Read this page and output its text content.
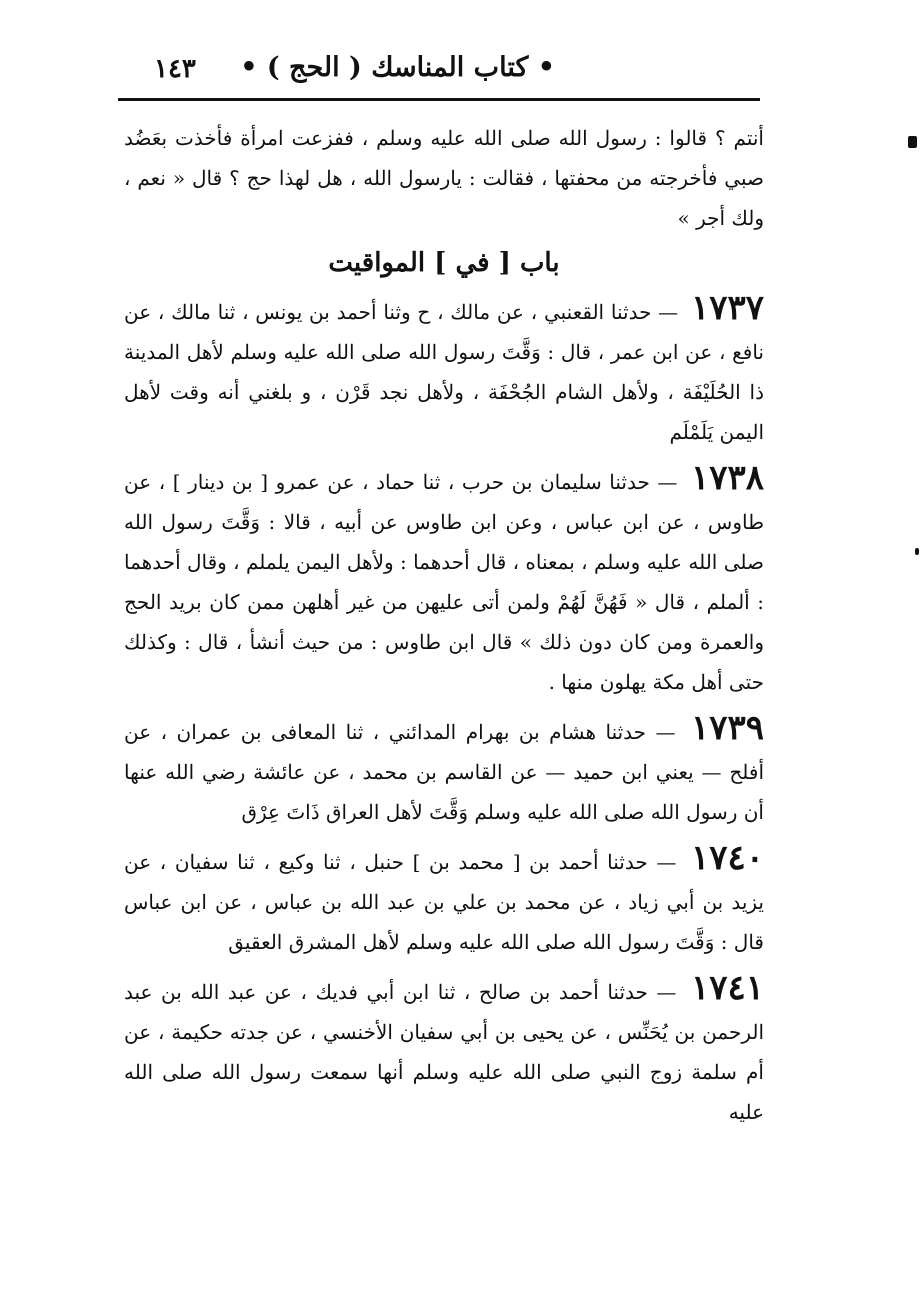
• كتاب المناسك ( الحج ) •
١٤٣

أنتم ؟ قالوا : رسول الله صلى الله عليه وسلم ، ففزعت امرأة فأخذت بعَضُد صبي فأخرجته من محفتها ، فقالت : يارسول الله ، هل لهذا حج ؟ قال « نعم ، ولك أجر »

باب [ في ] المواقيت

١٧٣٧ — حدثنا القعنبي ، عن مالك ، ح وثنا أحمد بن يونس ، ثنا مالك ، عن نافع ، عن ابن عمر ، قال : وَقَّتَ رسول الله صلى الله عليه وسلم لأهل المدينة ذا الحُلَيْفَة ، ولأهل الشام الجُحْفَة ، ولأهل نجد قَرْن ، و بلغني أنه وقت لأهل اليمن يَلَمْلَم

١٧٣٨ — حدثنا سليمان بن حرب ، ثنا حماد ، عن عمرو [ بن دينار ] ، عن طاوس ، عن ابن عباس ، وعن ابن طاوس عن أبيه ، قالا : وَقَّتَ رسول الله صلى الله عليه وسلم ، بمعناه ، قال أحدهما : ولأهل اليمن يلملم ، وقال أحدهما : ألملم ، قال « فَهُنَّ لَهُمْ ولمن أتى عليهن من غير أهلهن ممن كان بريد الحج والعمرة ومن كان دون ذلك » قال ابن طاوس : من حيث أنشأ ، قال : وكذلك حتى أهل مكة يهلون منها .

١٧٣٩ — حدثنا هشام بن بهرام المدائني ، ثنا المعافى بن عمران ، عن أفلح — يعني ابن حميد — عن القاسم بن محمد ، عن عائشة رضي الله عنها أن رسول الله صلى الله عليه وسلم وَقَّتَ لأهل العراق ذَاتَ عِرْق

١٧٤٠ — حدثنا أحمد بن [ محمد بن ] حنبل ، ثنا وكيع ، ثنا سفيان ، عن يزيد بن أبي زياد ، عن محمد بن علي بن عبد الله بن عباس ، عن ابن عباس قال : وَقَّتَ رسول الله صلى الله عليه وسلم لأهل المشرق العقيق

١٧٤١ — حدثنا أحمد بن صالح ، ثنا ابن أبي فديك ، عن عبد الله بن عبد الرحمن بن يُحَنِّس ، عن يحيى بن أبي سفيان الأخنسي ، عن جدته حكيمة ، عن أم سلمة زوج النبي صلى الله عليه وسلم أنها سمعت رسول الله صلى الله عليه
